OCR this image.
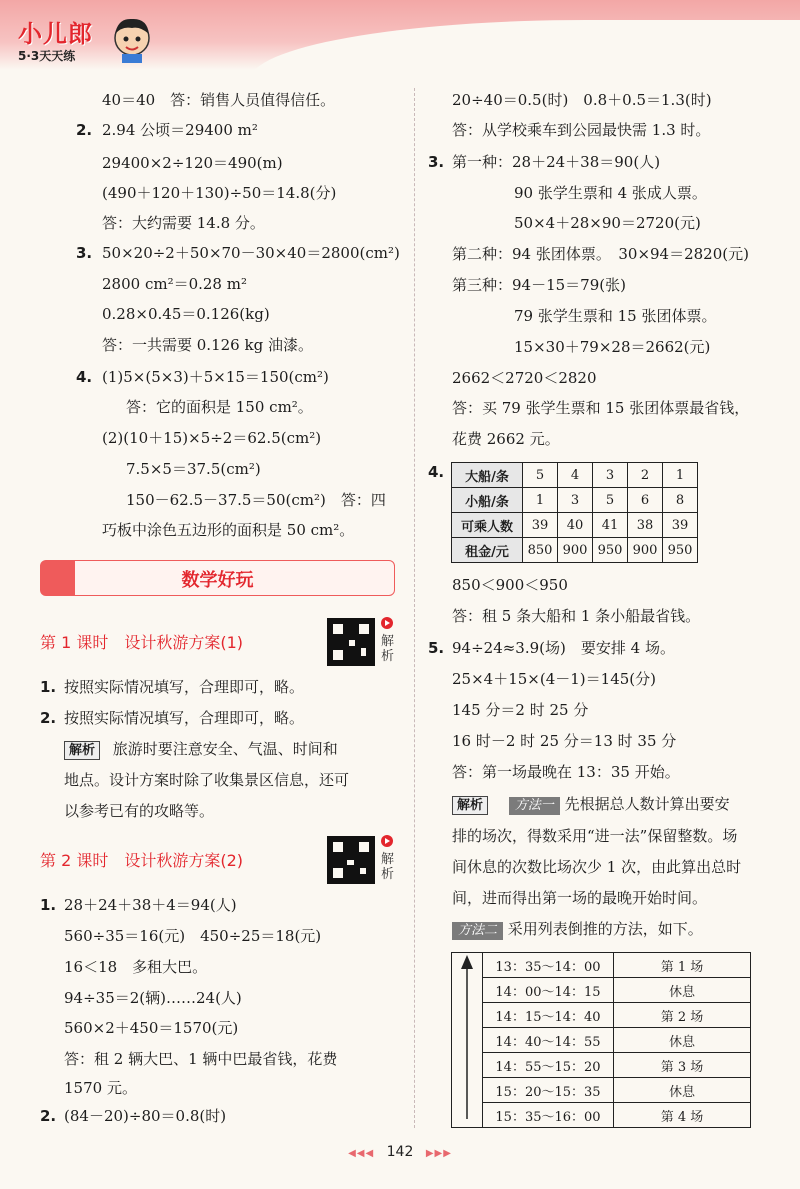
小儿郎
5·3天天练
40＝40　答：销售人员值得信任。
2. 2.94 公顷＝29400 m²
29400×2÷120＝490(m)
(490＋120＋130)÷50＝14.8(分)
答：大约需要 14.8 分。
3. 50×20÷2＋50×70－30×40＝2800(cm²)
2800 cm²＝0.28 m²
0.28×0.45＝0.126(kg)
答：一共需要 0.126 kg 油漆。
4. (1)5×(5×3)＋5×15＝150(cm²)
答：它的面积是 150 cm²。
(2)(10＋15)×5÷2＝62.5(cm²)
7.5×5＝37.5(cm²)
150－62.5－37.5＝50(cm²)　答：四
巧板中涂色五边形的面积是 50 cm²。
数学好玩
第 1 课时　设计秋游方案(1)	解析
1. 按照实际情况填写，合理即可，略。
2. 按照实际情况填写，合理即可，略。
解析 旅游时要注意安全、气温、时间和
地点。设计方案时除了收集景区信息，还可
以参考已有的攻略等。
第 2 课时　设计秋游方案(2)	解析
1. 28＋24＋38＋4＝94(人)
560÷35＝16(元)　450÷25＝18(元)
16＜18　多租大巴。
94÷35＝2(辆)……24(人)
560×2＋450＝1570(元)
答：租 2 辆大巴、1 辆中巴最省钱，花费
1570 元。
2. (84－20)÷80＝0.8(时)
20÷40＝0.5(时)　0.8＋0.5＝1.3(时)
答：从学校乘车到公园最快需 1.3 时。
3. 第一种：28＋24＋38＝90(人)
90 张学生票和 4 张成人票。
50×4＋28×90＝2720(元)
第二种：94 张团体票。　30×94＝2820(元)
第三种：94－15＝79(张)
79 张学生票和 15 张团体票。
15×30＋79×28＝2662(元)
2662＜2720＜2820
答：买 79 张学生票和 15 张团体票最省钱，
花费 2662 元。
4. 大船/条	5	4	3	2	1
小船/条	1	3	5	6	8
可乘人数	39	40	41	38	39
租金/元	850	900	950	900	950
850＜900＜950
答：租 5 条大船和 1 条小船最省钱。
5. 94÷24≈3.9(场)　要安排 4 场。
25×4＋15×(4－1)＝145(分)
145 分＝2 时 25 分
16 时－2 时 25 分＝13 时 35 分
答：第一场最晚在 13：35 开始。
解析 方法一 先根据总人数计算出要安
排的场次，得数采用“进一法”保留整数。场
间休息的次数比场次少 1 次，由此算出总时
间，进而得出第一场的最晚开始时间。
方法二 采用列表倒推的方法，如下。
	13：35～14：00	第 1 场
	14：00～14：15	休息
	14：15～14：40	第 2 场
	14：40～14：55	休息
	14：55～15：20	第 3 场
	15：20～15：35	休息
	15：35～16：00	第 4 场
◀◀◀ 142 ▶▶▶
